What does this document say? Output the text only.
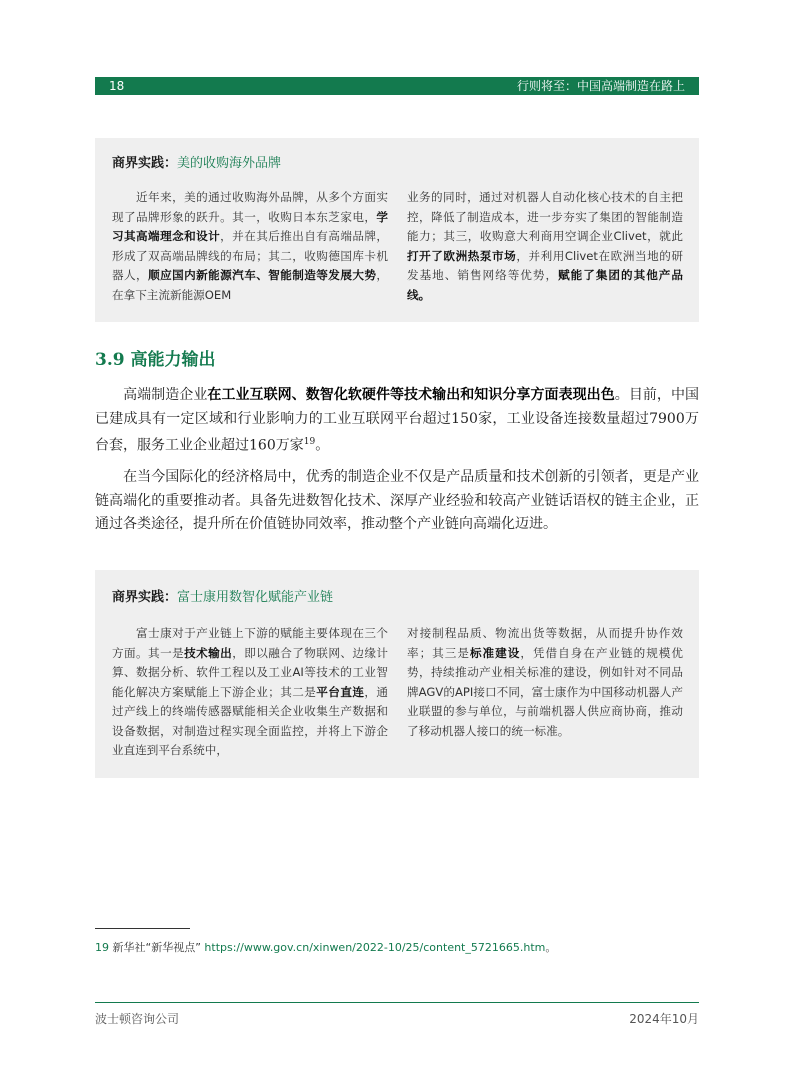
18	行则将至：中国高端制造在路上
商界实践：美的收购海外品牌
　　近年来，美的通过收购海外品牌，从多个方面实现了品牌形象的跃升。其一，收购日本东芝家电，学习其高端理念和设计，并在其后推出自有高端品牌，形成了双高端品牌线的布局；其二，收购德国库卡机器人，顺应国内新能源汽车、智能制造等发展大势，在拿下主流新能源OEM
业务的同时，通过对机器人自动化核心技术的自主把控，降低了制造成本，进一步夯实了集团的智能制造能力；其三，收购意大利商用空调企业Clivet，就此打开了欧洲热泵市场，并利用Clivet在欧洲当地的研发基地、销售网络等优势，赋能了集团的其他产品线。
3.9 高能力输出
　　高端制造企业在工业互联网、数智化软硬件等技术输出和知识分享方面表现出色。目前，中国已建成具有一定区域和行业影响力的工业互联网平台超过150家，工业设备连接数量超过7900万台套，服务工业企业超过160万家$^{19}$。
　　在当今国际化的经济格局中，优秀的制造企业不仅是产品质量和技术创新的引领者，更是产业链高端化的重要推动者。具备先进数智化技术、深厚产业经验和较高产业链话语权的链主企业，正通过各类途径，提升所在价值链协同效率，推动整个产业链向高端化迈进。
商界实践：富士康用数智化赋能产业链
　　富士康对于产业链上下游的赋能主要体现在三个方面。其一是技术输出，即以融合了物联网、边缘计算、数据分析、软件工程以及工业AI等技术的工业智能化解决方案赋能上下游企业；其二是平台直连，通过产线上的终端传感器赋能相关企业收集生产数据和设备数据，对制造过程实现全面监控，并将上下游企业直连到平台系统中，
对接制程品质、物流出货等数据，从而提升协作效率；其三是标准建设，凭借自身在产业链的规模优势，持续推动产业相关标准的建设，例如针对不同品牌AGV的API接口不同，富士康作为中国移动机器人产业联盟的参与单位，与前端机器人供应商协商，推动了移动机器人接口的统一标准。
19 新华社“新华视点” https://www.gov.cn/xinwen/2022-10/25/content_5721665.htm。
波士顿咨询公司	2024年10月
